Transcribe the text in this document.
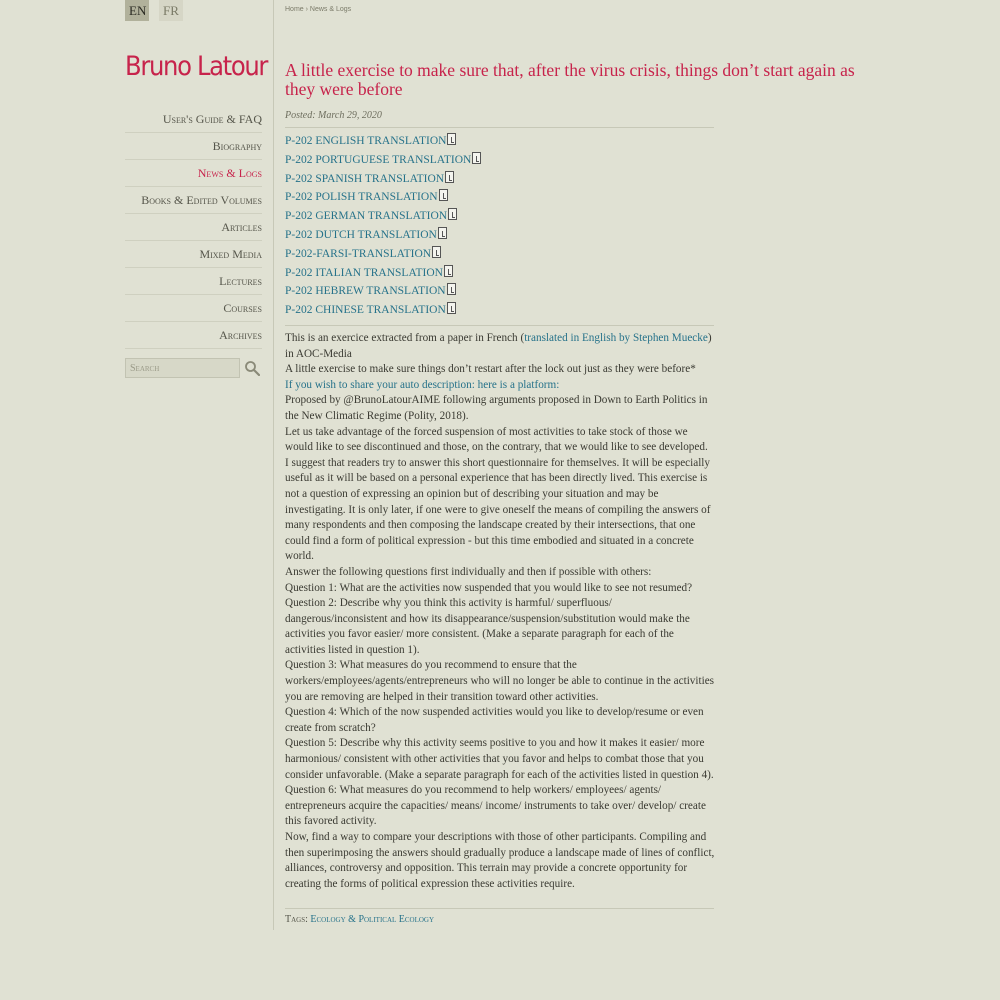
EN	FR
Bruno Latour
User's Guide & FAQ
Biography
News & Logs
Books & Edited Volumes
Articles
Mixed Media
Lectures
Courses
Archives
Search
Home › News & Logs
A little exercise to make sure that, after the virus crisis, things don’t start again as they were before
Posted: March 29, 2020
P-202 ENGLISH TRANSLATION
P-202 PORTUGUESE TRANSLATION
P-202 SPANISH TRANSLATION
P-202 POLISH TRANSLATION
P-202 GERMAN TRANSLATION
P-202 DUTCH TRANSLATION
P-202-FARSI-TRANSLATION
P-202 ITALIAN TRANSLATION
P-202 HEBREW TRANSLATION
P-202 CHINESE TRANSLATION

This is an exercice extracted from a paper in French (translated in English by Stephen Muecke) in AOC-Media

A little exercise to make sure things don’t restart after the lock out just as they were before*

If you wish to share your auto description: here is a platform:

Proposed by @BrunoLatourAIME following arguments proposed in Down to Earth Politics in the New Climatic Regime (Polity, 2018).

Let us take advantage of the forced suspension of most activities to take stock of those we would like to see discontinued and those, on the contrary, that we would like to see developed.

I suggest that readers try to answer this short questionnaire for themselves. It will be especially useful as it will be based on a personal experience that has been directly lived. This exercise is not a question of expressing an opinion but of describing your situation and may be investigating. It is only later, if one were to give oneself the means of compiling the answers of many respondents and then composing the landscape created by their intersections, that one could find a form of political expression - but this time embodied and situated in a concrete world.

Answer the following questions first individually and then if possible with others:

Question 1: What are the activities now suspended that you would like to see not resumed?

Question 2: Describe why you think this activity is harmful/ superfluous/ dangerous/inconsistent and how its disappearance/suspension/substitution would make the activities you favor easier/ more consistent. (Make a separate paragraph for each of the activities listed in question 1).

Question 3: What measures do you recommend to ensure that the workers/employees/agents/entrepreneurs who will no longer be able to continue in the activities you are removing are helped in their transition toward other activities.

Question 4: Which of the now suspended activities would you like to develop/resume or even create from scratch?

Question 5: Describe why this activity seems positive to you and how it makes it easier/ more harmonious/ consistent with other activities that you favor and helps to combat those that you consider unfavorable. (Make a separate paragraph for each of the activities listed in question 4).

Question 6: What measures do you recommend to help workers/ employees/ agents/ entrepreneurs acquire the capacities/ means/ income/ instruments to take over/ develop/ create this favored activity.

Now, find a way to compare your descriptions with those of other participants. Compiling and then superimposing the answers should gradually produce a landscape made of lines of conflict, alliances, controversy and opposition. This terrain may provide a concrete opportunity for creating the forms of political expression these activities require.

Tags: Ecology & Political Ecology
